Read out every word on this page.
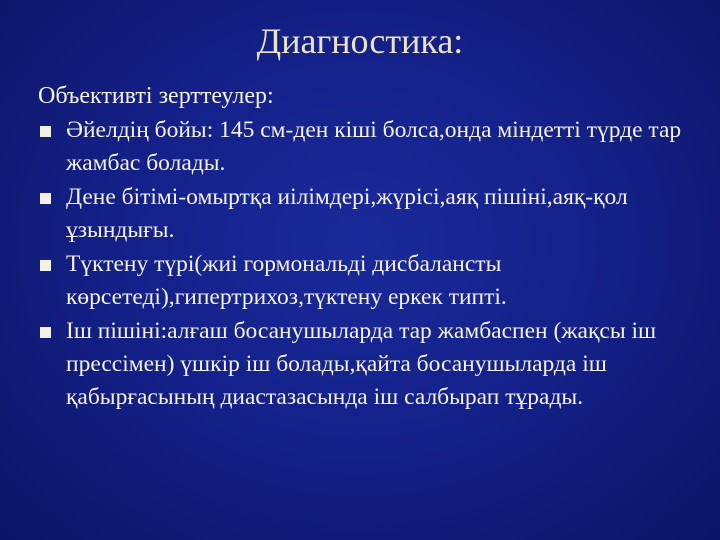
Диагностика:
Объективті зерттеулер:
Әйелдің бойы: 145 см-ден кіші болса,онда міндетті түрде тар жамбас болады.
Дене бітімі-омыртқа иілімдері,жүрісі,аяқ пішіні,аяқ-қол ұзындығы.
Түктену түрі(жиі гормональді дисбалансты көрсетеді),гипертрихоз,түктену еркек типті.
Іш пішіні:алғаш босанушыларда тар жамбаспен (жақсы іш прессімен) үшкір іш болады,қайта босанушыларда іш қабырғасының диастазасында іш салбырап тұрады.
